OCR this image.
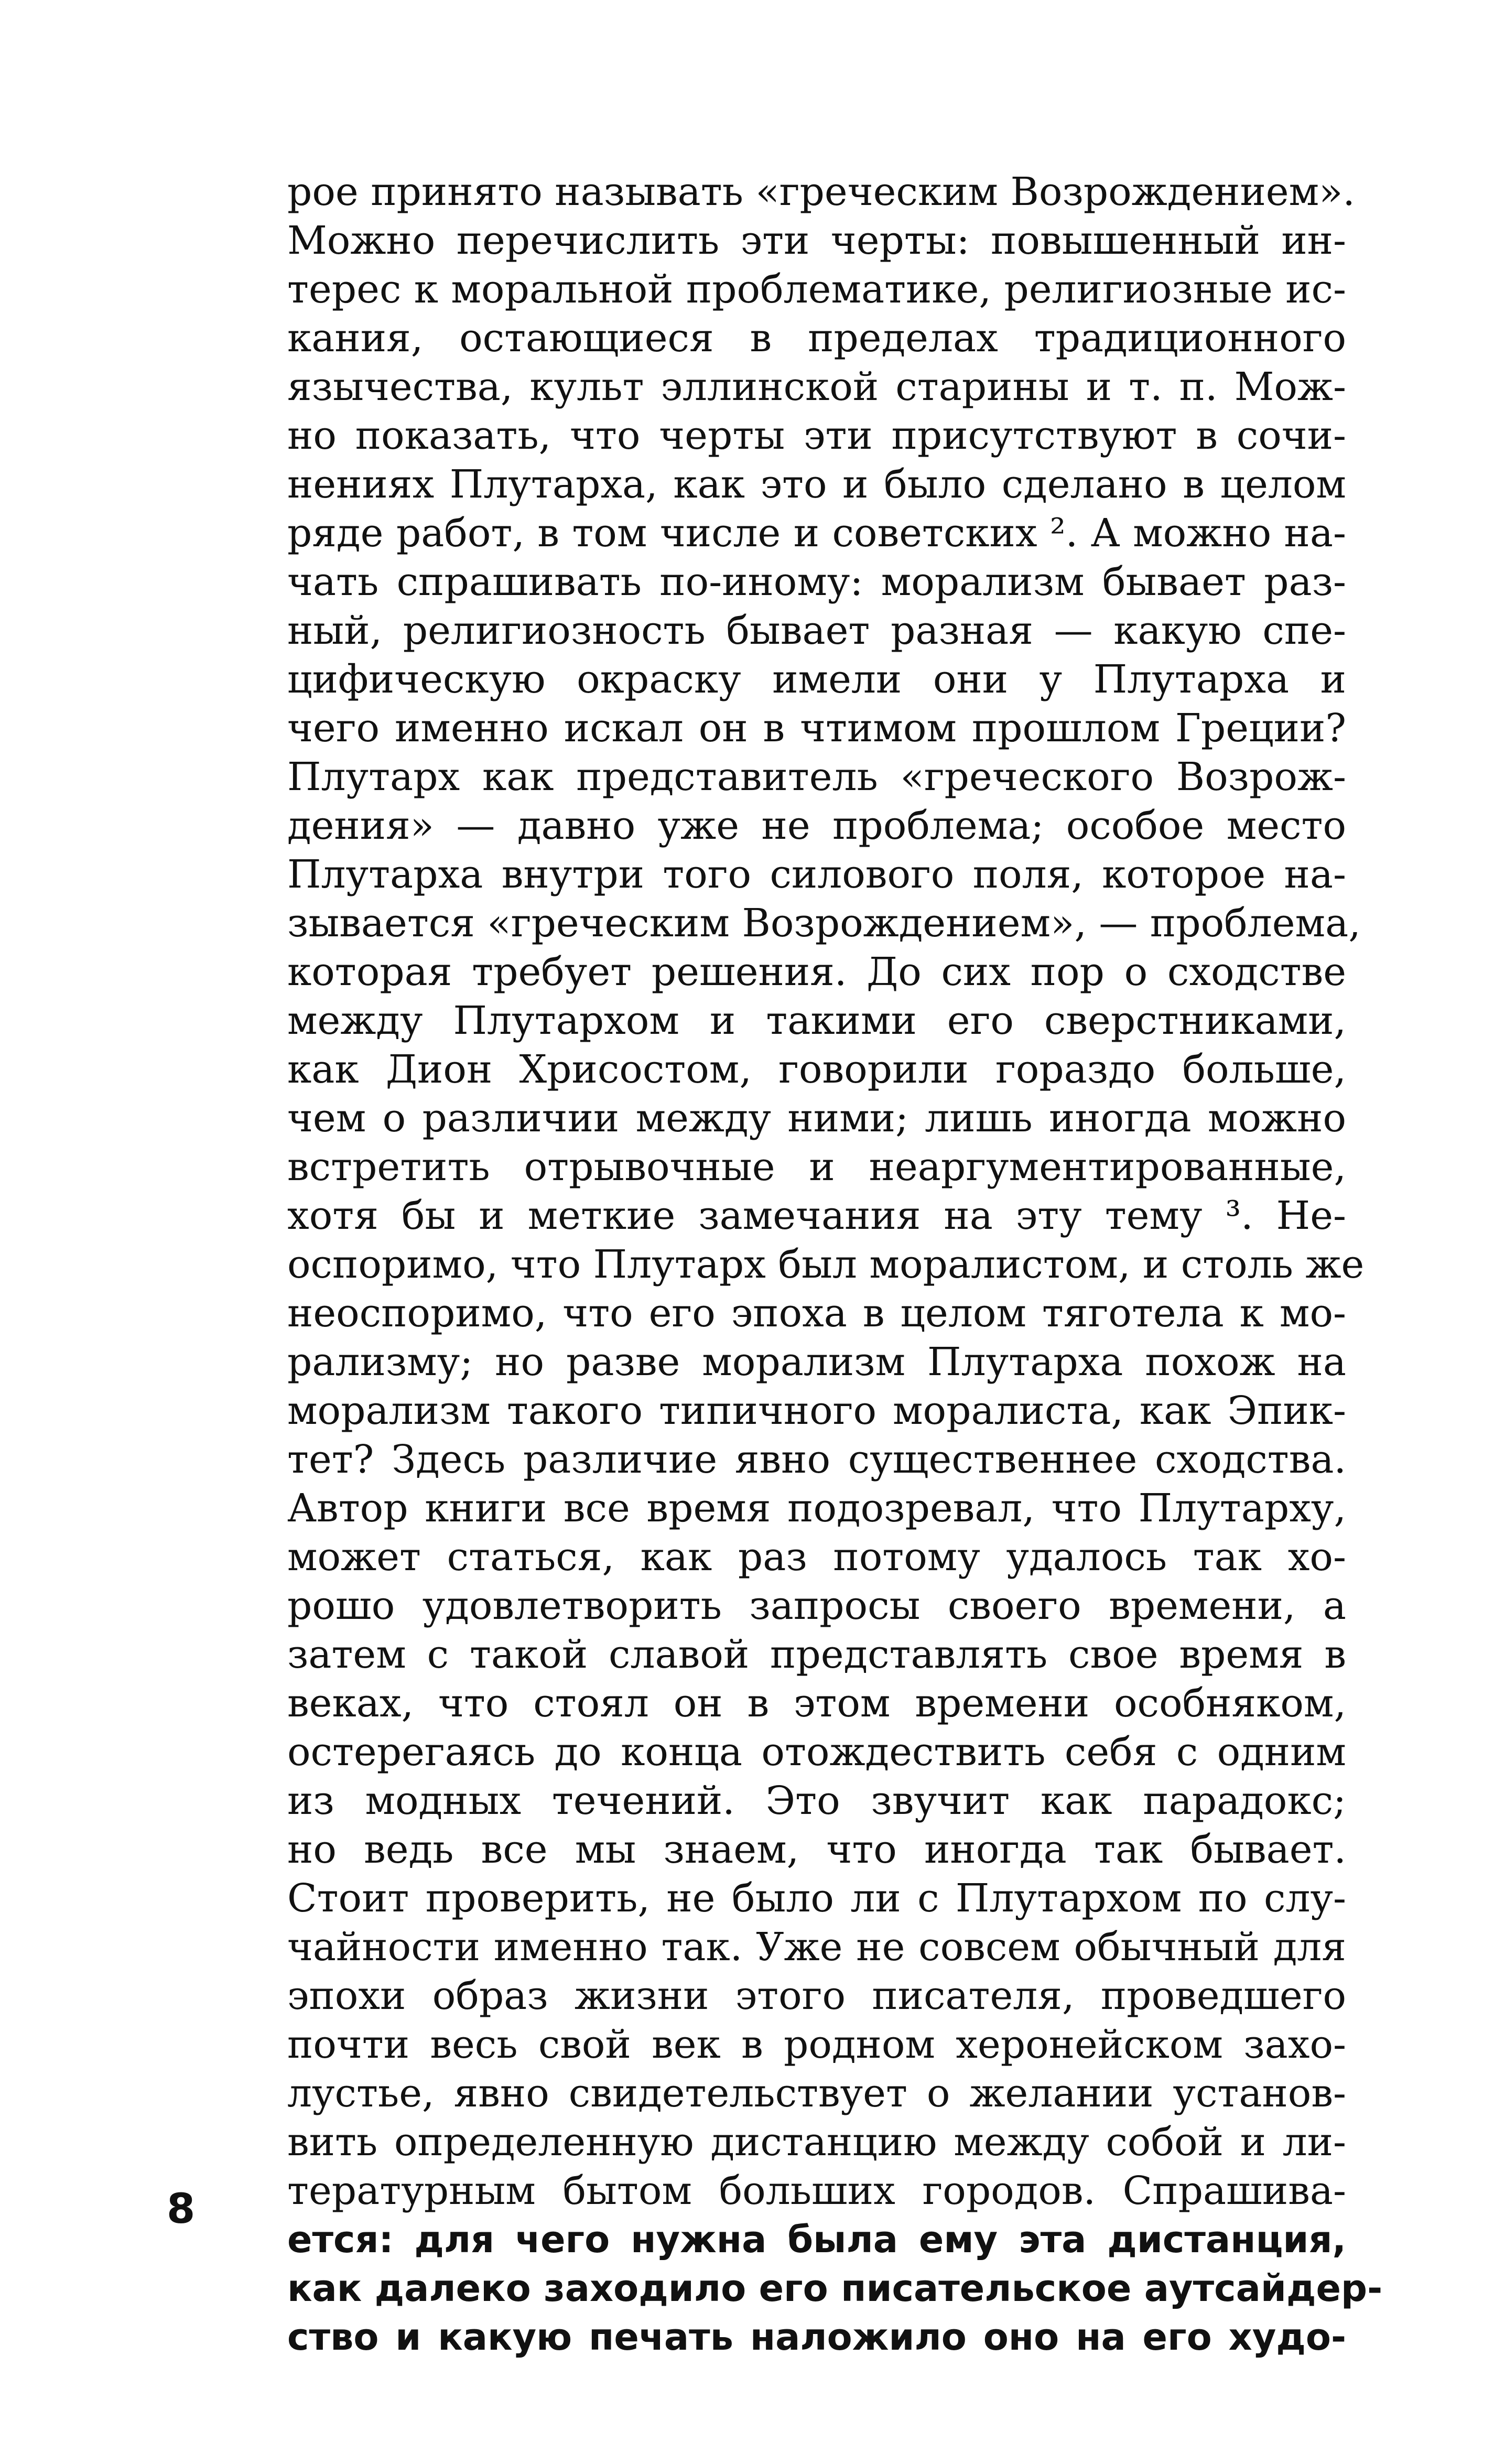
рое принято называть «греческим Возрождением».
Можно перечислить эти черты: повышенный ин-
терес к моральной проблематике, религиозные ис-
кания, остающиеся в пределах традиционного
язычества, культ эллинской старины и т. п. Мож-
но показать, что черты эти присутствуют в сочи-
нениях Плутарха, как это и было сделано в целом
ряде работ, в том числе и советских ². А можно на-
чать спрашивать по-иному: морализм бывает раз-
ный, религиозность бывает разная — какую спе-
цифическую окраску имели они у Плутарха и
чего именно искал он в чтимом прошлом Греции?
Плутарх как представитель «греческого Возрож-
дения» — давно уже не проблема; особое место
Плутарха внутри того силового поля, которое на-
зывается «греческим Возрождением», — проблема,
которая требует решения. До сих пор о сходстве
между Плутархом и такими его сверстниками,
как Дион Хрисостом, говорили гораздо больше,
чем о различии между ними; лишь иногда можно
встретить отрывочные и неаргументированные,
хотя бы и меткие замечания на эту тему ³. Не-
оспоримо, что Плутарх был моралистом, и столь же
неоспоримо, что его эпоха в целом тяготела к мо-
рализму; но разве морализм Плутарха похож на
морализм такого типичного моралиста, как Эпик-
тет? Здесь различие явно существеннее сходства.
Автор книги все время подозревал, что Плутарху,
может статься, как раз потому удалось так хо-
рошо удовлетворить запросы своего времени, а
затем с такой славой представлять свое время в
веках, что стоял он в этом времени особняком,
остерегаясь до конца отождествить себя с одним
из модных течений. Это звучит как парадокс;
но ведь все мы знаем, что иногда так бывает.
Стоит проверить, не было ли с Плутархом по слу-
чайности именно так. Уже не совсем обычный для
эпохи образ жизни этого писателя, проведшего
почти весь свой век в родном херонейском захо-
лустье, явно свидетельствует о желании установ-
вить определенную дистанцию между собой и ли-
тературным бытом больших городов. Спрашива-
ется: для чего нужна была ему эта дистанция,
как далеко заходило его писательское аутсайдер-
ство и какую печать наложило оно на его худо-
8
